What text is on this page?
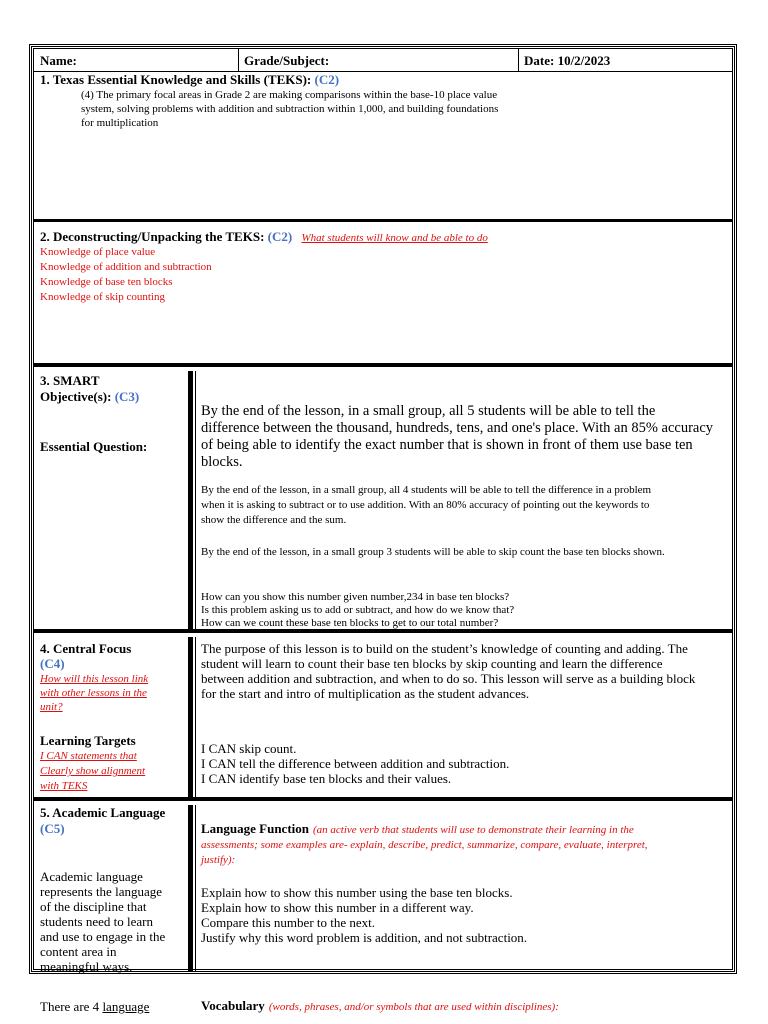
Name:	Grade/Subject:	Date: 10/2/2023
1. Texas Essential Knowledge and Skills (TEKS): (C2)
(4) The primary focal areas in Grade 2 are making comparisons within the base-10 place value
system, solving problems with addition and subtraction within 1,000, and building foundations
for multiplication
2. Deconstructing/Unpacking the TEKS: (C2) What students will know and be able to do
Knowledge of place value
Knowledge of addition and subtraction
Knowledge of base ten blocks
Knowledge of skip counting
3. SMART
Objective(s): (C3)
Essential Question:
By the end of the lesson, in a small group, all 5 students will be able to tell the
difference between the thousand, hundreds, tens, and one's place. With an 85% accuracy
of being able to identify the exact number that is shown in front of them use base ten
blocks.
By the end of the lesson, in a small group, all 4 students will be able to tell the difference in a problem
when it is asking to subtract or to use addition. With an 80% accuracy of pointing out the keywords to
show the difference and the sum.
By the end of the lesson, in a small group 3 students will be able to skip count the base ten blocks shown.
How can you show this number given number,234 in base ten blocks?
Is this problem asking us to add or subtract, and how do we know that?
How can we count these base ten blocks to get to our total number?
4. Central Focus
(C4)
How will this lesson link
with other lessons in the
unit?
Learning Targets
I CAN statements that
Clearly show alignment
with TEKS
The purpose of this lesson is to build on the student’s knowledge of counting and adding. The
student will learn to count their base ten blocks by skip counting and learn the difference
between addition and subtraction, and when to do so. This lesson will serve as a building block
for the start and intro of multiplication as the student advances.
I CAN skip count.
I CAN tell the difference between addition and subtraction.
I CAN identify base ten blocks and their values.
5. Academic Language
(C5)
Academic language
represents the language
of the discipline that
students need to learn
and use to engage in the
content area in
meaningful ways.
There are 4 language
Language Function (an active verb that students will use to demonstrate their learning in the
assessments; some examples are- explain, describe, predict, summarize, compare, evaluate, interpret,
justify):
Explain how to show this number using the base ten blocks.
Explain how to show this number in a different way.
Compare this number to the next.
Justify why this word problem is addition, and not subtraction.
Vocabulary (words, phrases, and/or symbols that are used within disciplines):
